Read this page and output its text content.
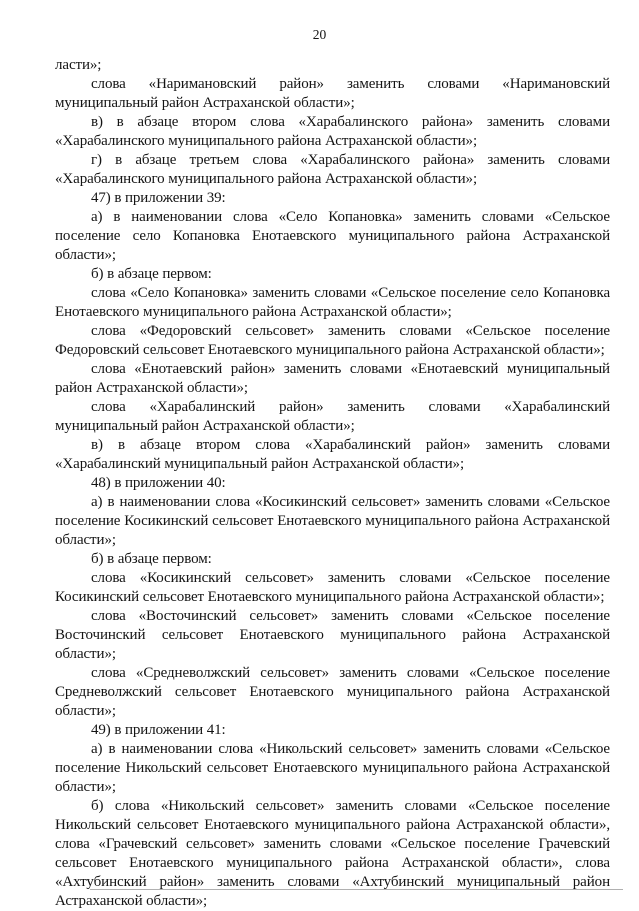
20

ласти»;

слова «Наримановский район» заменить словами «Наримановский муниципальный район Астраханской области»;

в) в абзаце втором слова «Харабалинского района» заменить словами «Харабалинского муниципального района Астраханской области»;

г) в абзаце третьем слова «Харабалинского района» заменить словами «Харабалинского муниципального района Астраханской области»;

47) в приложении 39:

а) в наименовании слова «Село Копановка» заменить словами «Сельское поселение село Копановка Енотаевского муниципального района Астраханской области»;

б) в абзаце первом:

слова «Село Копановка» заменить словами «Сельское поселение село Копановка Енотаевского муниципального района Астраханской области»;

слова «Федоровский сельсовет» заменить словами «Сельское поселение Федоровский сельсовет Енотаевского муниципального района Астраханской области»;

слова «Енотаевский район» заменить словами «Енотаевский муниципальный район Астраханской области»;

слова «Харабалинский район» заменить словами «Харабалинский муниципальный район Астраханской области»;

в) в абзаце втором слова «Харабалинский район» заменить словами «Харабалинский муниципальный район Астраханской области»;

48) в приложении 40:

а) в наименовании слова «Косикинский сельсовет» заменить словами «Сельское поселение Косикинский сельсовет Енотаевского муниципального района Астраханской области»;

б) в абзаце первом:

слова «Косикинский сельсовет» заменить словами «Сельское поселение Косикинский сельсовет Енотаевского муниципального района Астраханской области»;

слова «Восточинский сельсовет» заменить словами «Сельское поселение Восточинский сельсовет Енотаевского муниципального района Астраханской области»;

слова «Средневолжский сельсовет» заменить словами «Сельское поселение Средневолжский сельсовет Енотаевского муниципального района Астраханской области»;

49) в приложении 41:

а) в наименовании слова «Никольский сельсовет» заменить словами «Сельское поселение Никольский сельсовет Енотаевского муниципального района Астраханской области»;

б) слова «Никольский сельсовет» заменить словами «Сельское поселение Никольский сельсовет Енотаевского муниципального района Астраханской области», слова «Грачевский сельсовет» заменить словами «Сельское поселение Грачевский сельсовет Енотаевского муниципального района Астраханской области», слова «Ахтубинский район» заменить словами «Ахтубинский муниципальный район Астраханской области»;
